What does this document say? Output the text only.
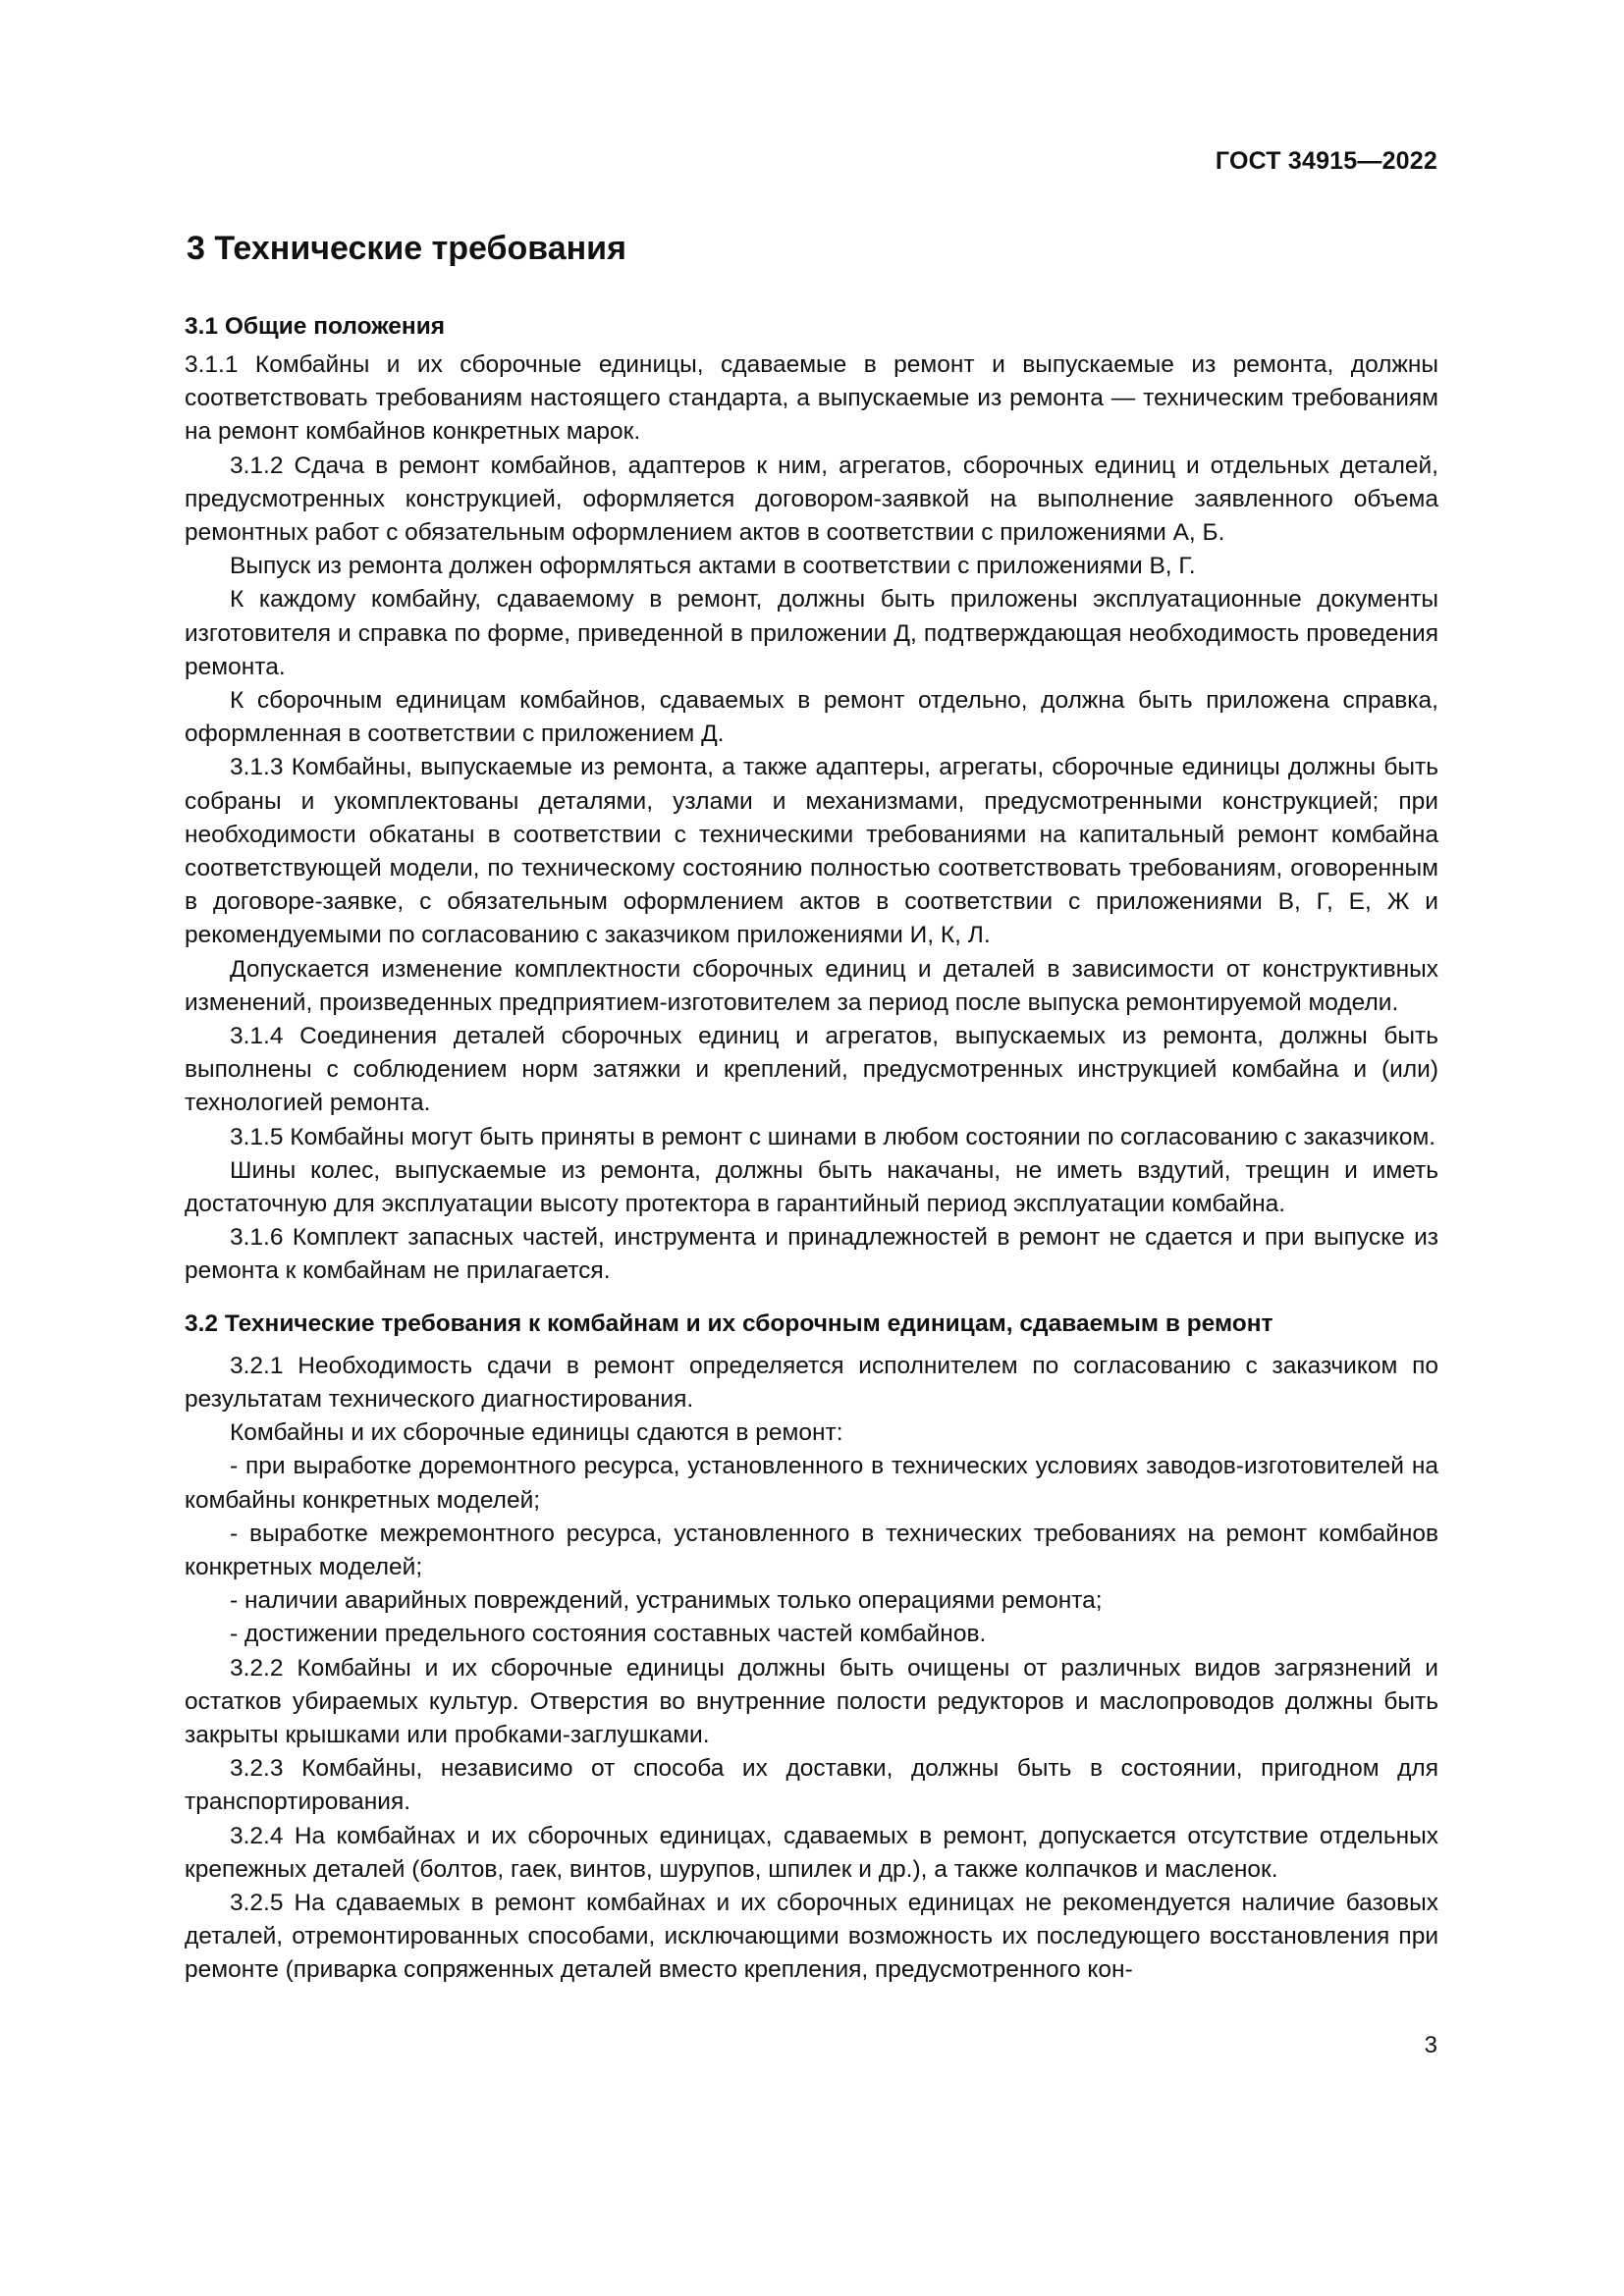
ГОСТ 34915—2022
3 Технические требования
3.1 Общие положения

3.1.1 Комбайны и их сборочные единицы, сдаваемые в ремонт и выпускаемые из ремонта, должны соответствовать требованиям настоящего стандарта, а выпускаемые из ремонта — техническим требованиям на ремонт комбайнов конкретных марок.

3.1.2 Сдача в ремонт комбайнов, адаптеров к ним, агрегатов, сборочных единиц и отдельных деталей, предусмотренных конструкцией, оформляется договором-заявкой на выполнение заявленного объема ремонтных работ с обязательным оформлением актов в соответствии с приложениями А, Б.

Выпуск из ремонта должен оформляться актами в соответствии с приложениями В, Г.

К каждому комбайну, сдаваемому в ремонт, должны быть приложены эксплуатационные документы изготовителя и справка по форме, приведенной в приложении Д, подтверждающая необходимость проведения ремонта.

К сборочным единицам комбайнов, сдаваемых в ремонт отдельно, должна быть приложена справка, оформленная в соответствии с приложением Д.

3.1.3 Комбайны, выпускаемые из ремонта, а также адаптеры, агрегаты, сборочные единицы должны быть собраны и укомплектованы деталями, узлами и механизмами, предусмотренными конструкцией; при необходимости обкатаны в соответствии с техническими требованиями на капитальный ремонт комбайна соответствующей модели, по техническому состоянию полностью соответствовать требованиям, оговоренным в договоре-заявке, с обязательным оформлением актов в соответствии с приложениями В, Г, Е, Ж и рекомендуемыми по согласованию с заказчиком приложениями И, К, Л.

Допускается изменение комплектности сборочных единиц и деталей в зависимости от конструктивных изменений, произведенных предприятием-изготовителем за период после выпуска ремонтируемой модели.

3.1.4 Соединения деталей сборочных единиц и агрегатов, выпускаемых из ремонта, должны быть выполнены с соблюдением норм затяжки и креплений, предусмотренных инструкцией комбайна и (или) технологией ремонта.

3.1.5 Комбайны могут быть приняты в ремонт с шинами в любом состоянии по согласованию с заказчиком.

Шины колес, выпускаемые из ремонта, должны быть накачаны, не иметь вздутий, трещин и иметь достаточную для эксплуатации высоту протектора в гарантийный период эксплуатации комбайна.

3.1.6 Комплект запасных частей, инструмента и принадлежностей в ремонт не сдается и при выпуске из ремонта к комбайнам не прилагается.

3.2 Технические требования к комбайнам и их сборочным единицам, сдаваемым в ремонт

3.2.1 Необходимость сдачи в ремонт определяется исполнителем по согласованию с заказчиком по результатам технического диагностирования.

Комбайны и их сборочные единицы сдаются в ремонт:

- при выработке доремонтного ресурса, установленного в технических условиях заводов-изготовителей на комбайны конкретных моделей;

- выработке межремонтного ресурса, установленного в технических требованиях на ремонт комбайнов конкретных моделей;

- наличии аварийных повреждений, устранимых только операциями ремонта;

- достижении предельного состояния составных частей комбайнов.

3.2.2 Комбайны и их сборочные единицы должны быть очищены от различных видов загрязнений и остатков убираемых культур. Отверстия во внутренние полости редукторов и маслопроводов должны быть закрыты крышками или пробками-заглушками.

3.2.3 Комбайны, независимо от способа их доставки, должны быть в состоянии, пригодном для транспортирования.

3.2.4 На комбайнах и их сборочных единицах, сдаваемых в ремонт, допускается отсутствие отдельных крепежных деталей (болтов, гаек, винтов, шурупов, шпилек и др.), а также колпачков и масленок.

3.2.5 На сдаваемых в ремонт комбайнах и их сборочных единицах не рекомендуется наличие базовых деталей, отремонтированных способами, исключающими возможность их последующего восстановления при ремонте (приварка сопряженных деталей вместо крепления, предусмотренного кон-

3
